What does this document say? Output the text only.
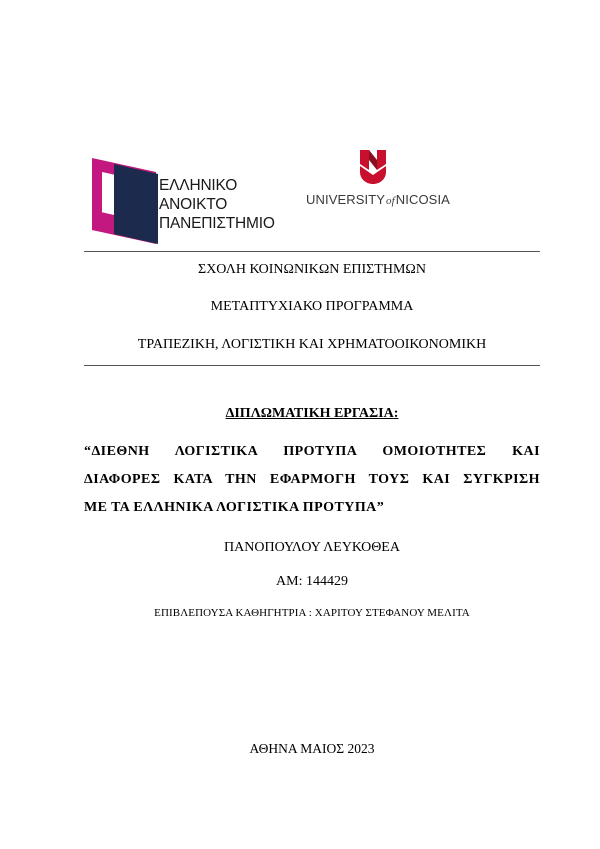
ΕΛΛΗΝΙΚΟ
ΑΝΟΙΚΤΟ
ΠΑΝΕΠΙΣΤΗΜΙΟ
UNIVERSITYofNICOSIA
ΣΧΟΛΗ ΚΟΙΝΩΝΙΚΩΝ ΕΠΙΣΤΗΜΩΝ
ΜΕΤΑΠΤΥΧΙΑΚΟ ΠΡΟΓΡΑΜΜΑ
ΤΡΑΠΕΖΙΚΗ, ΛΟΓΙΣΤΙΚΗ ΚΑΙ ΧΡΗΜΑΤΟΟΙΚΟΝΟΜΙΚΗ
ΔΙΠΛΩΜΑΤΙΚΗ ΕΡΓΑΣΙΑ:
“ΔΙΕΘΝΗ ΛΟΓΙΣΤΙΚΑ ΠΡΟΤΥΠΑ ΟΜΟΙΟΤΗΤΕΣ ΚΑΙ
ΔΙΑΦΟΡΕΣ ΚΑΤΑ ΤΗΝ ΕΦΑΡΜΟΓΗ ΤΟΥΣ ΚΑΙ ΣΥΓΚΡΙΣΗ
ΜΕ ΤΑ ΕΛΛΗΝΙΚΑ ΛΟΓΙΣΤΙΚΑ ΠΡΟΤΥΠΑ”
ΠΑΝΟΠΟΥΛΟΥ ΛΕΥΚΟΘΕΑ
ΑΜ: 144429
ΕΠΙΒΛΕΠΟΥΣΑ ΚΑΘΗΓΗΤΡΙΑ : ΧΑΡΙΤΟΥ ΣΤΕΦΑΝΟΥ ΜΕΛΙΤΑ
ΑΘΗΝΑ ΜΑΙΟΣ 2023
